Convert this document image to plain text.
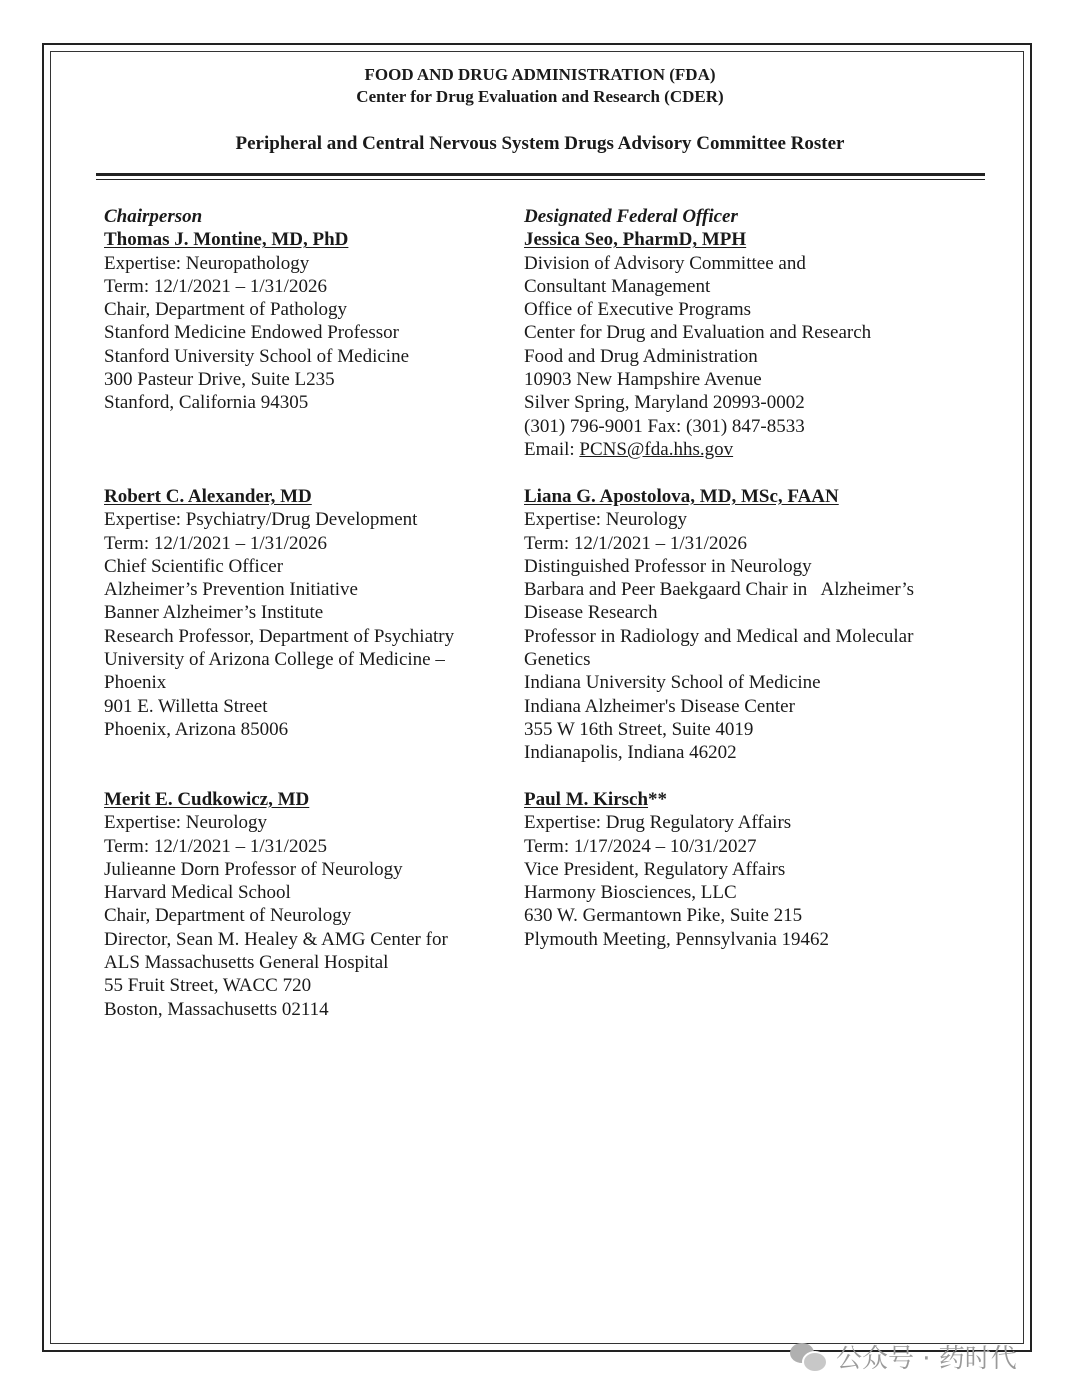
FOOD AND DRUG ADMINISTRATION (FDA)
Center for Drug Evaluation and Research (CDER)
Peripheral and Central Nervous System Drugs Advisory Committee Roster
Chairperson
Thomas J. Montine, MD, PhD
Expertise: Neuropathology
Term: 12/1/2021 – 1/31/2026
Chair, Department of Pathology
Stanford Medicine Endowed Professor
Stanford University School of Medicine
300 Pasteur Drive, Suite L235
Stanford, California 94305
Designated Federal Officer
Jessica Seo, PharmD, MPH
Division of Advisory Committee and
Consultant Management
Office of Executive Programs
Center for Drug and Evaluation and Research
Food and Drug Administration
10903 New Hampshire Avenue
Silver Spring, Maryland 20993-0002
(301) 796-9001 Fax: (301) 847-8533
Email: PCNS@fda.hhs.gov
Robert C. Alexander, MD
Expertise: Psychiatry/Drug Development
Term: 12/1/2021 – 1/31/2026
Chief Scientific Officer
Alzheimer’s Prevention Initiative
Banner Alzheimer’s Institute
Research Professor, Department of Psychiatry
University of Arizona College of Medicine –
Phoenix
901 E. Willetta Street
Phoenix, Arizona 85006
Liana G. Apostolova, MD, MSc, FAAN
Expertise: Neurology
Term: 12/1/2021 – 1/31/2026
Distinguished Professor in Neurology
Barbara and Peer Baekgaard Chair in   Alzheimer’s
Disease Research
Professor in Radiology and Medical and Molecular
Genetics
Indiana University School of Medicine
Indiana Alzheimer's Disease Center
355 W 16th Street, Suite 4019
Indianapolis, Indiana 46202
Merit E. Cudkowicz, MD
Expertise: Neurology
Term: 12/1/2021 – 1/31/2025
Julieanne Dorn Professor of Neurology
Harvard Medical School
Chair, Department of Neurology
Director, Sean M. Healey & AMG Center for
ALS Massachusetts General Hospital
55 Fruit Street, WACC 720
Boston, Massachusetts 02114
Paul M. Kirsch**
Expertise: Drug Regulatory Affairs
Term: 1/17/2024 – 10/31/2027
Vice President, Regulatory Affairs
Harmony Biosciences, LLC
630 W. Germantown Pike, Suite 215
Plymouth Meeting, Pennsylvania 19462
公众号 · 药时代
